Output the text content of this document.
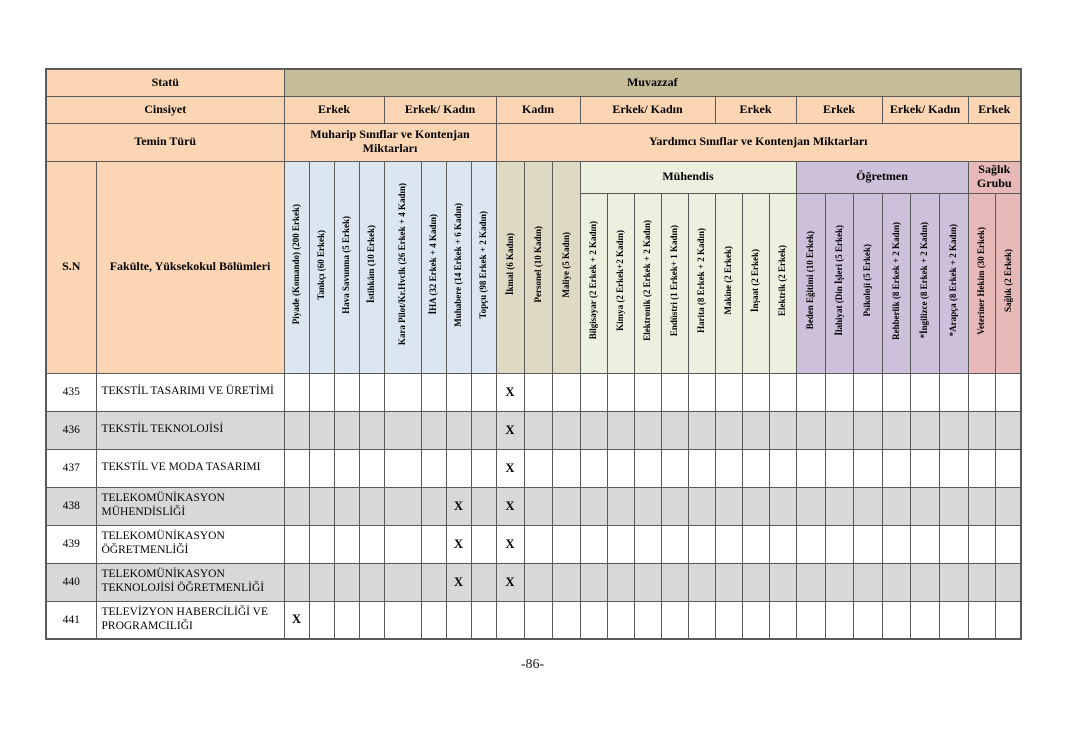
Statü		Muvazzaf																										
Cinsiyet		Erkek				Erkek/ Kadın				Kadın			Erkek/ Kadın					Erkek			Erkek			Erkek/ Kadın			Erkek	
Temin Türü		Muharip Sınıflar ve Kontenjan Miktarları								Yardımcı Sınıflar ve Kontenjan Miktarları																		
S.N	Fakülte, Yüksekokul Bölümleri	Piyade (Komando) (200 Erkek)	Tankçı (60 Erkek)	Hava Savunma (5 Erkek)	İstihkâm (10 Erkek)	Kara Pilot/Kr.Hvclk (26 Erkek + 4 Kadın)	İHA (32 Erkek + 4 Kadın)	Muhabere (14 Erkek + 6 Kadın)	Topçu (98 Erkek + 2 Kadın)	İkmal (6 Kadın)	Personel (10 Kadın)	Maliye (5 Kadın)	Mühendis								Öğretmen						Sağlık Grubu	
													Bilgisayar (2 Erkek + 2 Kadın)	Kimya (2 Erkek+2 Kadın)	Elektronik (2 Erkek + 2 Kadın)	Endüstri (1 Erkek+ 1 Kadın)	Harita (8 Erkek + 2 Kadın)	Makine (2 Erkek)	İnşaat (2 Erkek)	Elektrik (2 Erkek)	Beden Eğitimi (10 Erkek)	İlahiyat (Din İşleri (5 Erkek)	Psikoloji (5 Erkek)	Rehberlik (8 Erkek + 2 Kadın)	*İngilizce (8 Erkek + 2 Kadın)	*Arapça (8 Erkek + 2 Kadın)	Veteriner Hekim (30 Erkek)	Sağlık (2 Erkek)
435	TEKSTİL TASARIMI VE ÜRETİMİ									X																		
436	TEKSTİL TEKNOLOJİSİ									X																		
437	TEKSTİL VE MODA TASARIMI									X																		
438	TELEKOMÜNİKASYON MÜHENDİSLİĞİ							X		X																		
439	TELEKOMÜNİKASYON ÖĞRETMENLİĞİ							X		X																		
440	TELEKOMÜNİKASYON TEKNOLOJİSİ ÖĞRETMENLİĞİ							X		X																		
441	TELEVİZYON HABERCİLİĞİ VE PROGRAMCILIĞI	X																										
-86-
